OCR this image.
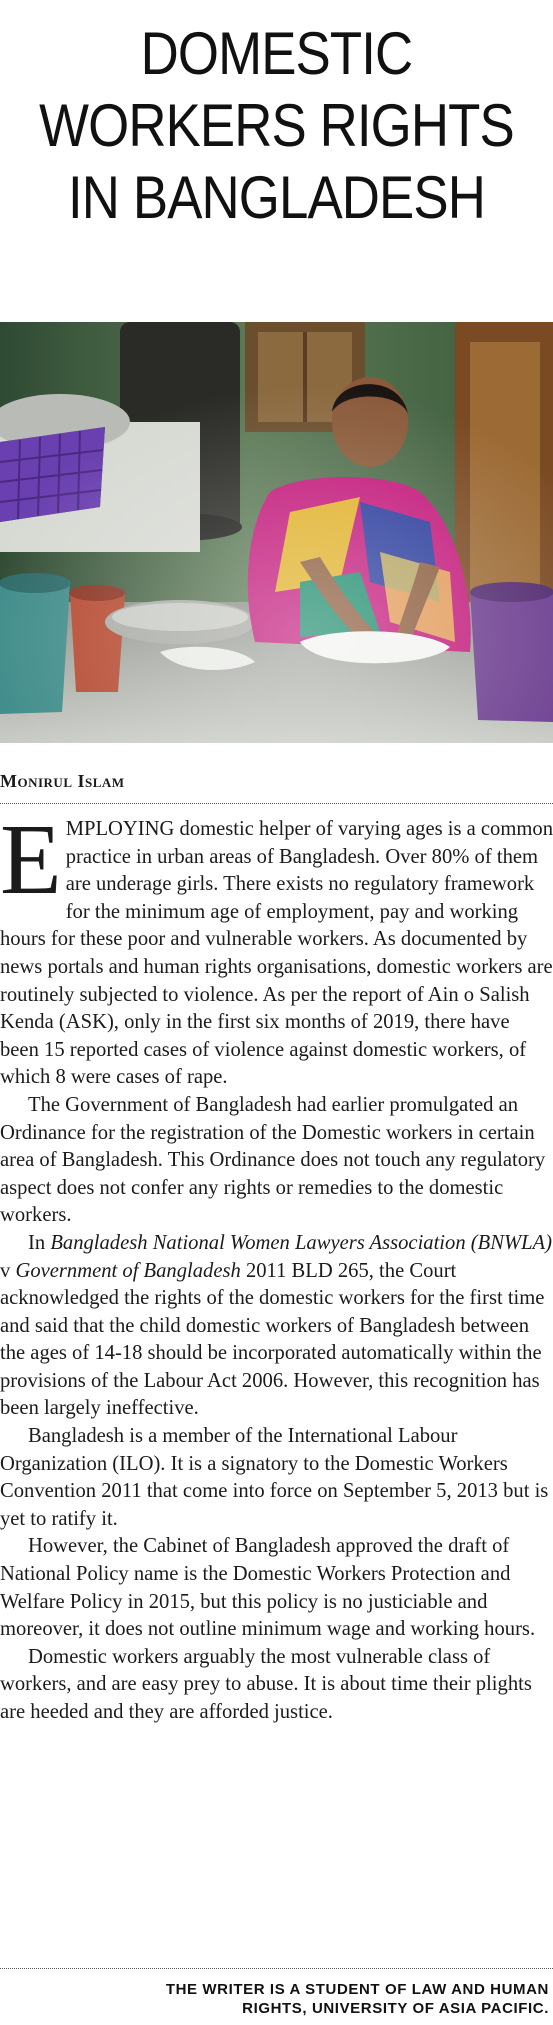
DOMESTIC
WORKERS RIGHTS
IN BANGLADESH
Monirul Islam

EMPLOYING domestic helper of varying ages is a common practice in urban areas of Bangladesh. Over 80% of them are underage girls. There exists no regulatory framework for the minimum age of employment, pay and working hours for these poor and vulnerable workers. As documented by news portals and human rights organisations, domestic workers are routinely subjected to violence. As per the report of Ain o Salish Kenda (ASK), only in the first six months of 2019, there have been 15 reported cases of violence against domestic workers, of which 8 were cases of rape.

The Government of Bangladesh had earlier promulgated an Ordinance for the registration of the Domestic workers in certain area of Bangladesh. This Ordinance does not touch any regulatory aspect does not confer any rights or remedies to the domestic workers.

In Bangladesh National Women Lawyers Association (BNWLA) v Government of Bangladesh 2011 BLD 265, the Court acknowledged the rights of the domestic workers for the first time and said that the child domestic workers of Bangladesh between the ages of 14-18 should be incorporated automatically within the provisions of the Labour Act 2006. However, this recognition has been largely ineffective.

Bangladesh is a member of the International Labour Organization (ILO). It is a signatory to the Domestic Workers Convention 2011 that come into force on September 5, 2013 but is yet to ratify it.

However, the Cabinet of Bangladesh approved the draft of National Policy name is the Domestic Workers Protection and Welfare Policy in 2015, but this policy is no justiciable and moreover, it does not outline minimum wage and working hours.

Domestic workers arguably the most vulnerable class of workers, and are easy prey to abuse. It is about time their plights are heeded and they are afforded justice.

THE WRITER IS A STUDENT OF LAW AND HUMAN
RIGHTS, UNIVERSITY OF ASIA PACIFIC.
